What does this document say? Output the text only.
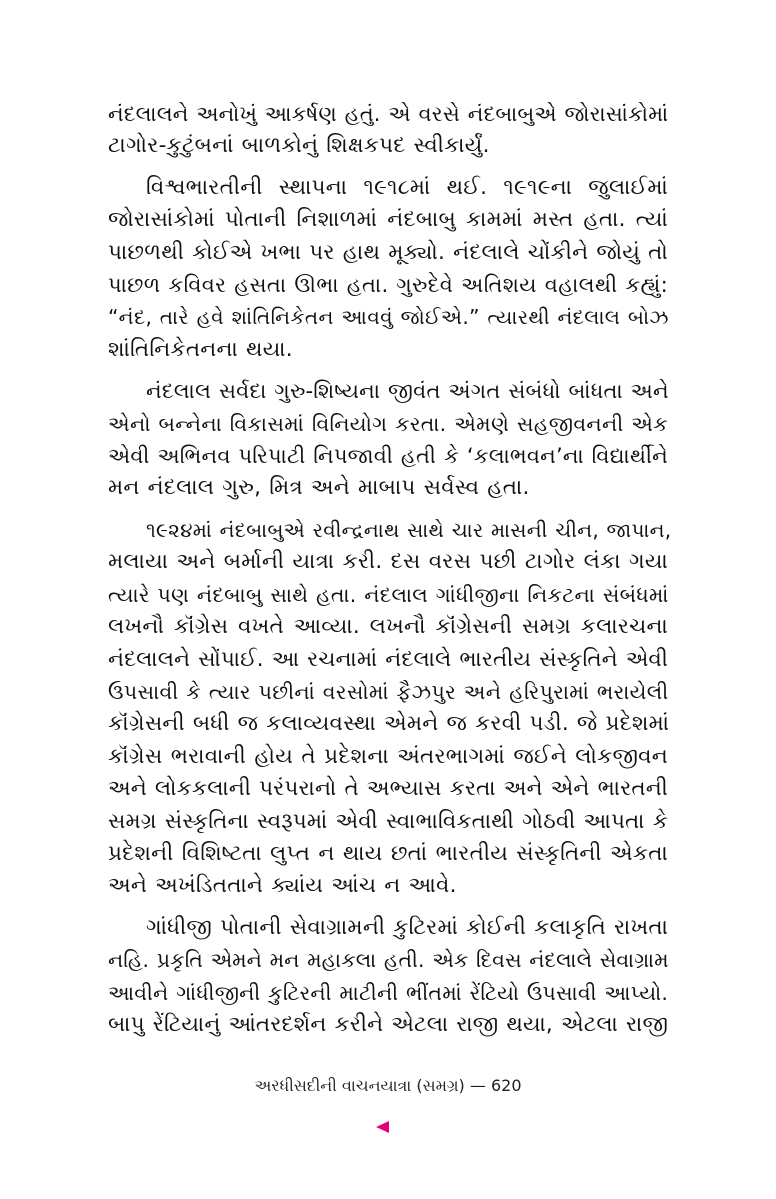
નંદલાલને અનોખું આકર્ષણ હતું. એ વરસે નંદબાબુએ જોરાસાંકોમાં
ટાગોર-કુટુંબનાં બાળકોનું શિક્ષકપદ સ્વીકાર્યું.

વિશ્વભારતીની સ્થાપના ૧૯૧૮માં થઈ. ૧૯૧૯ના જુલાઈમાં
જોરાસાંકોમાં પોતાની નિશાળમાં નંદબાબુ કામમાં મસ્ત હતા. ત્યાં
પાછળથી કોઈએ ખભા પર હાથ મૂક્યો. નંદલાલે ચોંકીને જોયું તો
પાછળ કવિવર હસતા ઊભા હતા. ગુરુદેવે અતિશય વહાલથી કહ્યું:
“નંદ, તારે હવે શાંતિનિકેતન આવવું જોઈએ.” ત્યારથી નંદલાલ બોઝ
શાંતિનિકેતનના થયા.

નંદલાલ સર્વદા ગુરુ-શિષ્યના જીવંત અંગત સંબંધો બાંધતા અને
એનો બન્નેના વિકાસમાં વિનિયોગ કરતા. એમણે સહજીવનની એક
એવી અભિનવ પરિપાટી નિપજાવી હતી કે ‘કલાભવન’ના વિદ્યાર્થીને
મન નંદલાલ ગુરુ, મિત્ર અને માબાપ સર્વસ્વ હતા.

૧૯૨૪માં નંદબાબુએ રવીન્દ્રનાથ સાથે ચાર માસની ચીન, જાપાન,
મલાયા અને બર્માની યાત્રા કરી. દસ વરસ પછી ટાગોર લંકા ગયા
ત્યારે પણ નંદબાબુ સાથે હતા. નંદલાલ ગાંધીજીના નિકટના સંબંધમાં
લખનૌ કૉંગ્રેસ વખતે આવ્યા. લખનૌ કૉંગ્રેસની સમગ્ર કલારચના
નંદલાલને સોંપાઈ. આ રચનામાં નંદલાલે ભારતીય સંસ્કૃતિને એવી
ઉપસાવી કે ત્યાર પછીનાં વરસોમાં ફૈઝપુર અને હરિપુરામાં ભરાયેલી
કૉંગ્રેસની બધી જ કલાવ્યવસ્થા એમને જ કરવી પડી. જે પ્રદેશમાં
કૉંગ્રેસ ભરાવાની હોય તે પ્રદેશના અંતરભાગમાં જઈને લોકજીવન
અને લોકકલાની પરંપરાનો તે અભ્યાસ કરતા અને એને ભારતની
સમગ્ર સંસ્કૃતિના સ્વરૂપમાં એવી સ્વાભાવિકતાથી ગોઠવી આપતા કે
પ્રદેશની વિશિષ્ટતા લુપ્ત ન થાય છતાં ભારતીય સંસ્કૃતિની એકતા
અને અખંડિતતાને ક્યાંય આંચ ન આવે.

ગાંધીજી પોતાની સેવાગ્રામની કુટિરમાં કોઈની કલાકૃતિ રાખતા
નહિ. પ્રકૃતિ એમને મન મહાકલા હતી. એક દિવસ નંદલાલે સેવાગ્રામ
આવીને ગાંધીજીની કુટિરની માટીની ભીંતમાં રેંટિયો ઉપસાવી આપ્યો.
બાપુ રેંટિયાનું આંતરદર્શન કરીને એટલા રાજી થયા, એટલા રાજી

અરધીસદીની વાચનયાત્રા (સમગ્ર) — 620
